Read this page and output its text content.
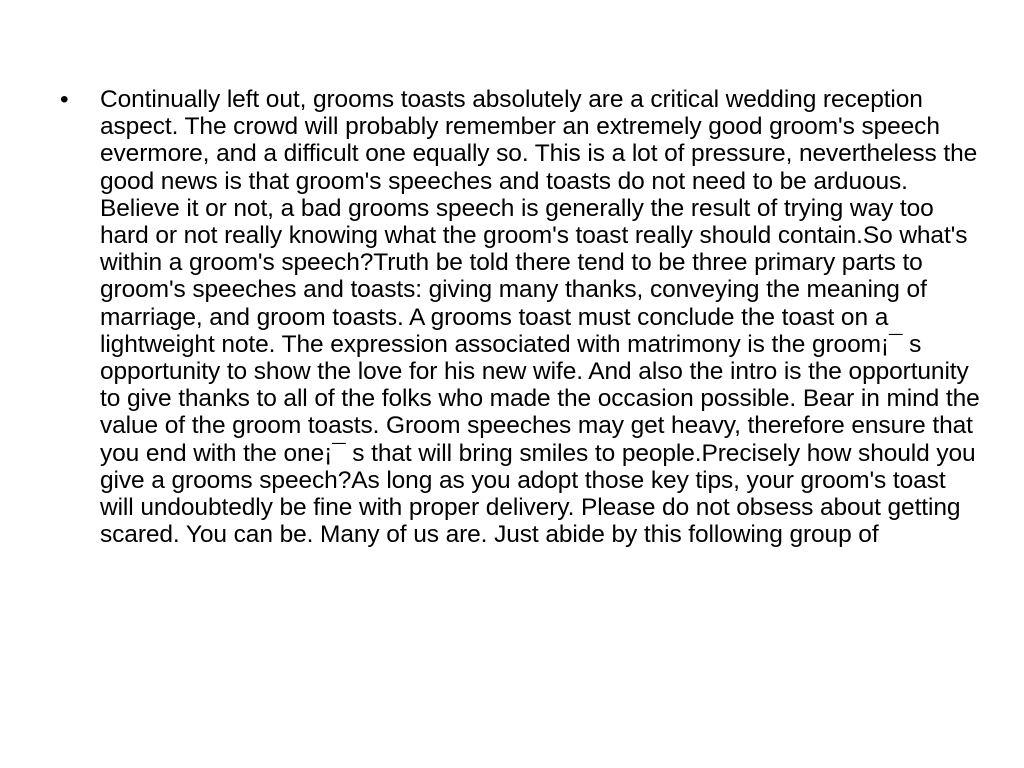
•	Continually left out, grooms toasts absolutely are a critical wedding reception aspect. The crowd will probably remember an extremely good groom's speech evermore, and a difficult one equally so. This is a lot of pressure, nevertheless the good news is that groom's speeches and toasts do not need to be arduous. Believe it or not, a bad grooms speech is generally the result of trying way too hard or not really knowing what the groom's toast really should contain.So what's within a groom's speech?Truth be told there tend to be three primary parts to groom's speeches and toasts: giving many thanks, conveying the meaning of marriage, and groom toasts. A grooms toast must conclude the toast on a lightweight note. The expression associated with matrimony is the groom¡¯ s opportunity to show the love for his new wife. And also the intro is the opportunity to give thanks to all of the folks who made the occasion possible. Bear in mind the value of the groom toasts. Groom speeches may get heavy, therefore ensure that you end with the one¡¯ s that will bring smiles to people.Precisely how should you give a grooms speech?As long as you adopt those key tips, your groom's toast will undoubtedly be fine with proper delivery. Please do not obsess about getting scared. You can be. Many of us are. Just abide by this following group of
